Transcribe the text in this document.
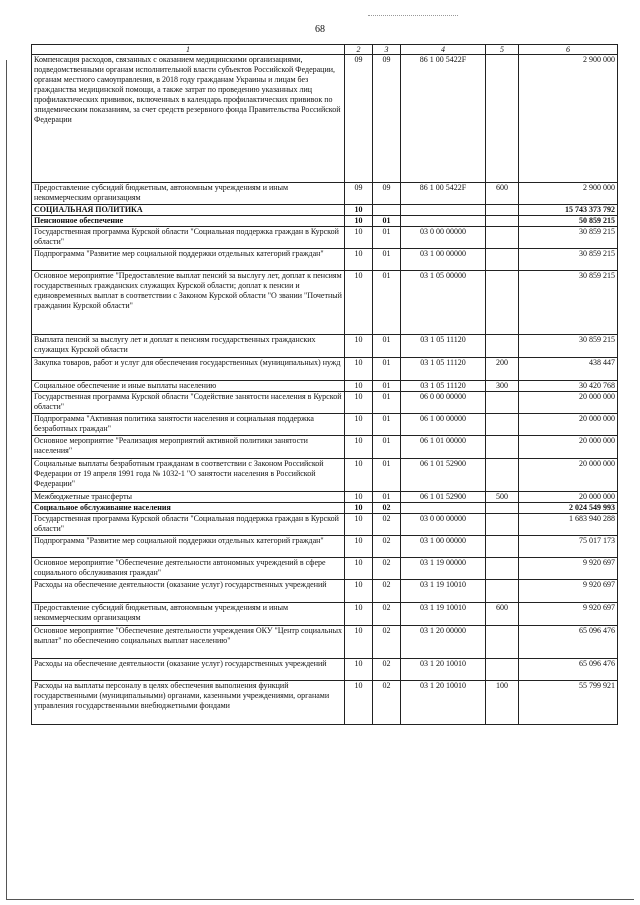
68
1	2	3	4	5	6
Компенсация расходов, связанных с оказанием медицинскими организациями, подведомственными органам исполнительной власти субъектов Российской Федерации, органам местного самоуправления, в 2018 году гражданам Украины и лицам без гражданства медицинской помощи, а также затрат по проведению указанных лиц профилактических прививок, включенных в календарь профилактических прививок по эпидемическим показаниям, за счет средств резервного фонда Правительства Российской Федерации	09	09	86 1 00 5422F		2 900 000
Предоставление субсидий бюджетным, автономным учреждениям и иным некоммерческим организациям	09	09	86 1 00 5422F	600	2 900 000
СОЦИАЛЬНАЯ ПОЛИТИКА	10				15 743 373 792
Пенсионное обеспечение	10	01			50 859 215
Государственная программа Курской области "Социальная поддержка граждан в Курской области"	10	01	03 0 00 00000		30 859 215
Подпрограмма "Развитие мер социальной поддержки отдельных категорий граждан"	10	01	03 1 00 00000		30 859 215
Основное мероприятие "Предоставление выплат пенсий за выслугу лет, доплат к пенсиям государственных гражданских служащих Курской области; доплат к пенсии и единовременных выплат в соответствии с Законом Курской области "О звании "Почетный гражданин Курской области"	10	01	03 1 05 00000		30 859 215
Выплата пенсий за выслугу лет и доплат к пенсиям государственных гражданских служащих Курской области	10	01	03 1 05 11120		30 859 215
Закупка товаров, работ и услуг для обеспечения государственных (муниципальных) нужд	10	01	03 1 05 11120	200	438 447
Социальное обеспечение и иные выплаты населению	10	01	03 1 05 11120	300	30 420 768
Государственная программа Курской области "Содействие занятости населения в Курской области"	10	01	06 0 00 00000		20 000 000
Подпрограмма "Активная политика занятости населения и социальная поддержка безработных граждан"	10	01	06 1 00 00000		20 000 000
Основное мероприятие "Реализация мероприятий активной политики занятости населения"	10	01	06 1 01 00000		20 000 000
Социальные выплаты безработным гражданам в соответствии с Законом Российской Федерации от 19 апреля 1991 года № 1032-1 "О занятости населения в Российской Федерации"	10	01	06 1 01 52900		20 000 000
Межбюджетные трансферты	10	01	06 1 01 52900	500	20 000 000
Социальное обслуживание населения	10	02			2 024 549 993
Государственная программа Курской области "Социальная поддержка граждан в Курской области"	10	02	03 0 00 00000		1 683 940 288
Подпрограмма "Развитие мер социальной поддержки отдельных категорий граждан"	10	02	03 1 00 00000		75 017 173
Основное мероприятие "Обеспечение деятельности автономных учреждений в сфере социального обслуживания граждан"	10	02	03 1 19 00000		9 920 697
Расходы на обеспечение деятельности (оказание услуг) государственных учреждений	10	02	03 1 19 10010		9 920 697
Предоставление субсидий бюджетным, автономным учреждениям и иным некоммерческим организациям	10	02	03 1 19 10010	600	9 920 697
Основное мероприятие "Обеспечение деятельности учреждения ОКУ "Центр социальных выплат" по обеспечению социальных выплат населению"	10	02	03 1 20 00000		65 096 476
Расходы на обеспечение деятельности (оказание услуг) государственных учреждений	10	02	03 1 20 10010		65 096 476
Расходы на выплаты персоналу в целях обеспечения выполнения функций государственными (муниципальными) органами, казенными учреждениями, органами управления государственными внебюджетными фондами	10	02	03 1 20 10010	100	55 799 921
